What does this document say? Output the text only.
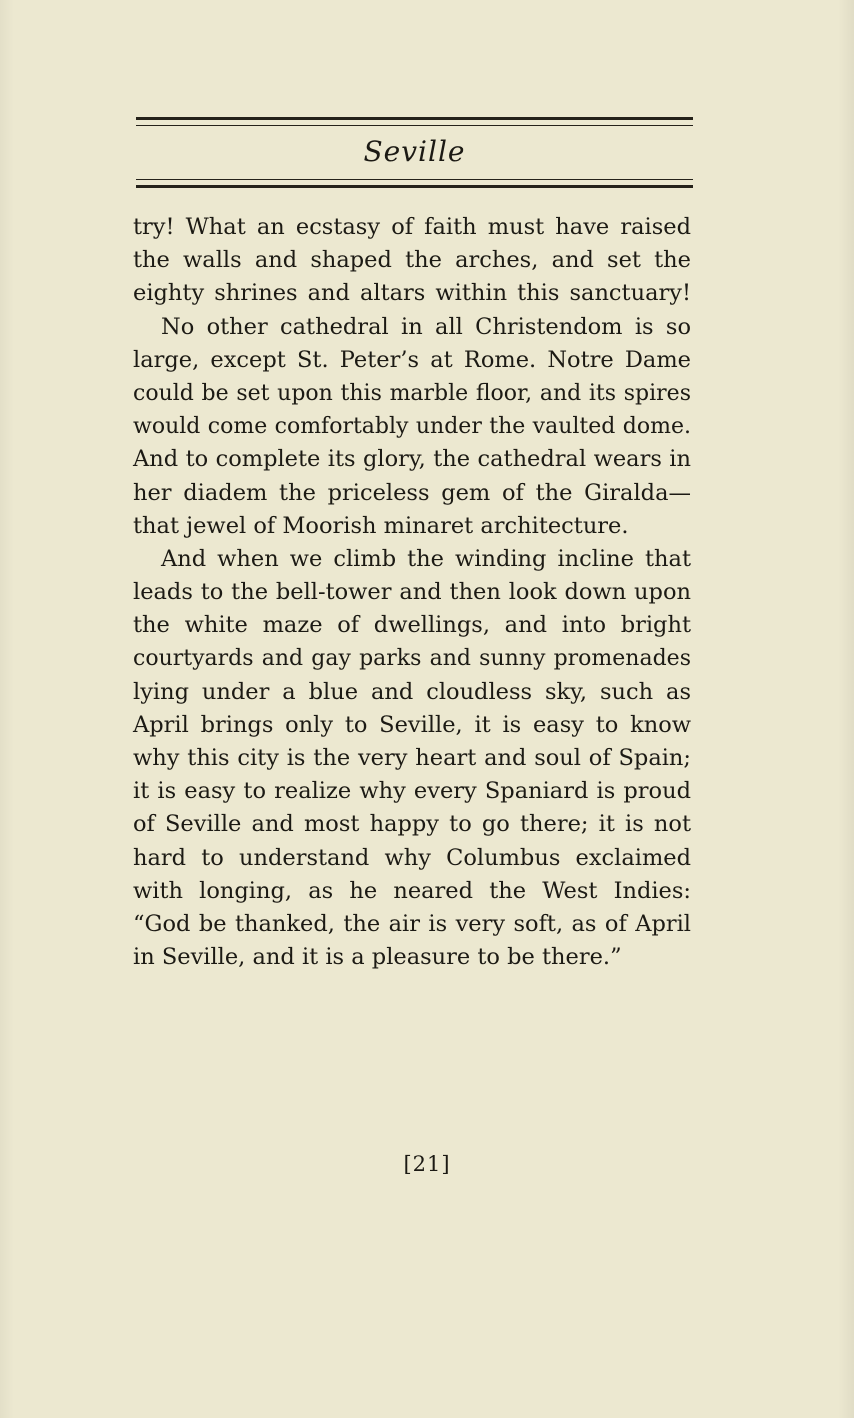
Seville
try! What an ecstasy of faith must have raised
the walls and shaped the arches, and set the
eighty shrines and altars within this sanctuary!
No other cathedral in all Christendom is so
large, except St. Peter’s at Rome. Notre Dame
could be set upon this marble floor, and its spires
would come comfortably under the vaulted dome.
And to complete its glory, the cathedral wears in
her diadem the priceless gem of the Giralda—
that jewel of Moorish minaret architecture.
And when we climb the winding incline that
leads to the bell-tower and then look down upon
the white maze of dwellings, and into bright
courtyards and gay parks and sunny promenades
lying under a blue and cloudless sky, such as
April brings only to Seville, it is easy to know
why this city is the very heart and soul of Spain;
it is easy to realize why every Spaniard is proud
of Seville and most happy to go there; it is not
hard to understand why Columbus exclaimed
with longing, as he neared the West Indies:
“God be thanked, the air is very soft, as of April
in Seville, and it is a pleasure to be there.”
[21]
